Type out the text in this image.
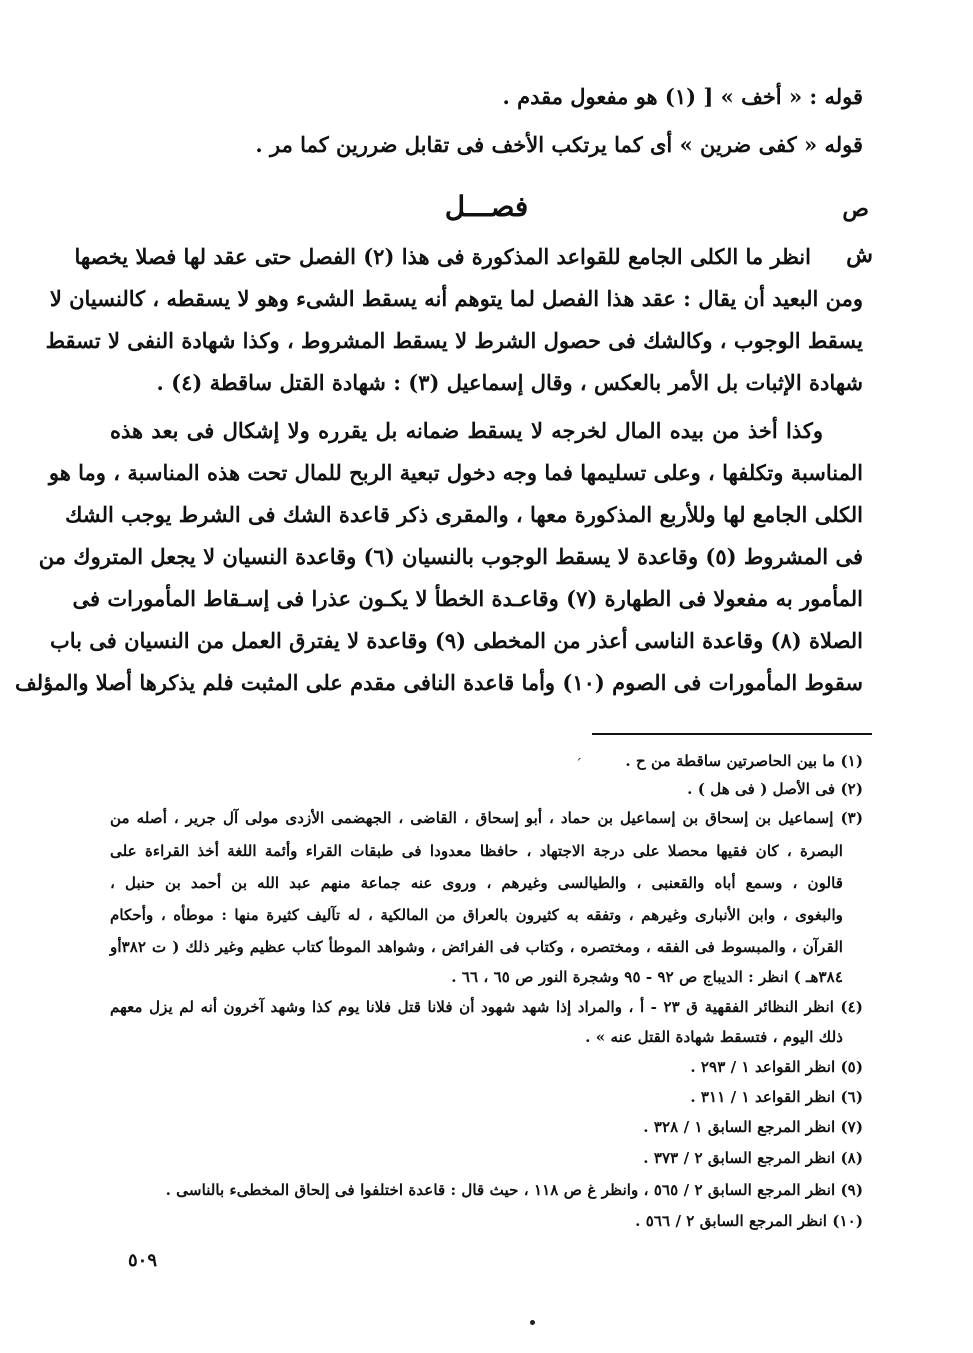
قوله : « أخف » [ (١) هو مفعول مقدم .
قوله « كفى ضرين » أى كما يرتكب الأخف فى تقابل ضررين كما مر .
ص
فصـــل
ش
انظر ما الكلى الجامع للقواعد المذكورة فى هذا (٢) الفصل حتى عقد لها فصلا يخصها
ومن البعيد أن يقال : عقد هذا الفصل لما يتوهم أنه يسقط الشىء وهو لا يسقطه ، كالنسيان لا
يسقط الوجوب ، وكالشك فى حصول الشرط لا يسقط المشروط ، وكذا شهادة النفى لا تسقط
شهادة الإثبات بل الأمر بالعكس ، وقال إسماعيل (٣) : شهادة القتل ساقطة (٤) .
وكذا أخذ من بيده المال لخرجه لا يسقط ضمانه بل يقرره ولا إشكال فى بعد هذه
المناسبة وتكلفها ، وعلى تسليمها فما وجه دخول تبعية الربح للمال تحت هذه المناسبة ، وما هو
الكلى الجامع لها وللأربع المذكورة معها ، والمقرى ذكر قاعدة الشك فى الشرط يوجب الشك
فى المشروط (٥) وقاعدة لا يسقط الوجوب بالنسيان (٦) وقاعدة النسيان لا يجعل المتروك من
المأمور به مفعولا فى الطهارة (٧) وقاعـدة الخطأ لا يكـون عذرا فى إسـقاط المأمورات فى
الصلاة (٨) وقاعدة الناسى أعذر من المخطى (٩) وقاعدة لا يفترق العمل من النسيان فى باب
سقوط المأمورات فى الصوم (١٠) وأما قاعدة النافى مقدم على المثبت فلم يذكرها أصلا والمؤلف
ˊ	(١) ما بين الحاصرتين ساقطة من ح .
(٢) فى الأصل ( فى هل ) .
(٣) إسماعيل بن إسحاق بن إسماعيل بن حماد ، أبو إسحاق ، القاضى ، الجهضمى الأزدى مولى آل جرير ، أصله من
البصرة ، كان فقيها محصلا على درجة الاجتهاد ، حافظا معدودا فى طبقات القراء وأئمة اللغة أخذ القراءة على
قالون ، وسمع أباه والقعنبى ، والطيالسى وغيرهم ، وروى عنه جماعة منهم عبد الله بن أحمد بن حنبل ،
والبغوى ، وابن الأنبارى وغيرهم ، وتفقه به كثيرون بالعراق من المالكية ، له تآليف كثيرة منها : موطأه ، وأحكام
القرآن ، والمبسوط فى الفقه ، ومختصره ، وكتاب فى الفرائض ، وشواهد الموطأ كتاب عظيم وغير ذلك ( ت ٣٨٢أو
٣٨٤هـ ) انظر : الديباج ص ٩٢ - ٩٥ وشجرة النور ص ٦٥ ، ٦٦ .
(٤) انظر النظائر الفقهية ق ٢٣ - أ ، والمراد إذا شهد شهود أن فلانا قتل فلانا يوم كذا وشهد آخرون أنه لم يزل معهم
ذلك اليوم ، فتسقط شهادة القتل عنه » .
(٥) انظر القواعد ١ / ٢٩٣ .
(٦) انظر القواعد ١ / ٣١١ .
(٧) انظر المرجع السابق ١ / ٣٢٨ .
(٨) انظر المرجع السابق ٢ / ٣٧٣ .
(٩) انظر المرجع السابق ٢ / ٥٦٥ ، وانظر غ ص ١١٨ ، حيث قال : قاعدة اختلفوا فى إلحاق المخطىء بالناسى .
(١٠) انظر المرجع السابق ٢ / ٥٦٦ .
٥٠٩
